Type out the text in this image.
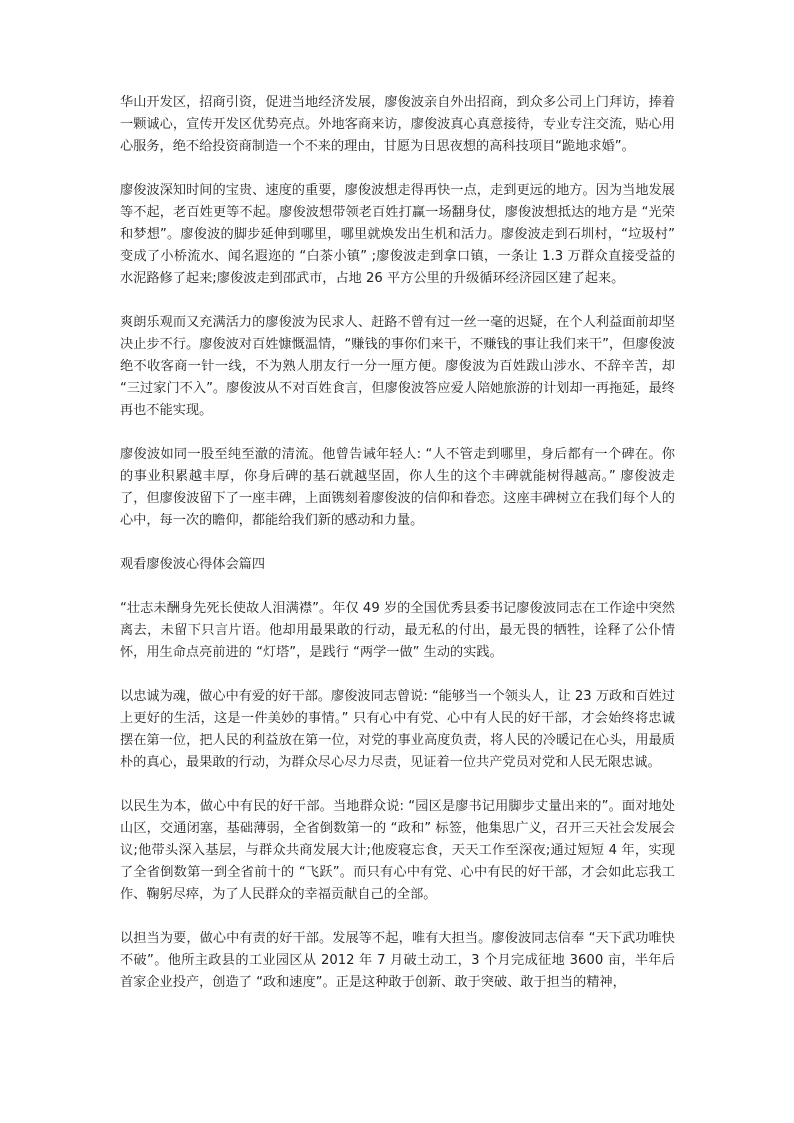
华山开发区，招商引资，促进当地经济发展，廖俊波亲自外出招商，到众多公司上门拜访，捧着一颗诚心，宣传开发区优势亮点。外地客商来访，廖俊波真心真意接待，专业专注交流，贴心用心服务，绝不给投资商制造一个不来的理由，甘愿为日思夜想的高科技项目“跪地求婚”。

廖俊波深知时间的宝贵、速度的重要，廖俊波想走得再快一点，走到更远的地方。因为当地发展等不起，老百姓更等不起。廖俊波想带领老百姓打赢一场翻身仗，廖俊波想抵达的地方是 “光荣和梦想”。廖俊波的脚步延伸到哪里，哪里就焕发出生机和活力。廖俊波走到石圳村，“垃圾村” 变成了小桥流水、闻名遐迩的 “白茶小镇” ;廖俊波走到拿口镇，一条让 1.3 万群众直接受益的水泥路修了起来;廖俊波走到邵武市，占地 26 平方公里的升级循环经济园区建了起来。

爽朗乐观而又充满活力的廖俊波为民求人、赶路不曾有过一丝一毫的迟疑，在个人利益面前却坚决止步不行。廖俊波对百姓慷慨温情，“赚钱的事你们来干，不赚钱的事让我们来干”，但廖俊波绝不收客商一针一线，不为熟人朋友行一分一厘方便。廖俊波为百姓跋山涉水、不辞辛苦，却 “三过家门不入”。廖俊波从不对百姓食言，但廖俊波答应爱人陪她旅游的计划却一再拖延，最终再也不能实现。

廖俊波如同一股至纯至澈的清流。他曾告诫年轻人: “人不管走到哪里，身后都有一个碑在。你的事业积累越丰厚，你身后碑的基石就越坚固，你人生的这个丰碑就能树得越高。” 廖俊波走了，但廖俊波留下了一座丰碑，上面镌刻着廖俊波的信仰和眷恋。这座丰碑树立在我们每个人的心中，每一次的瞻仰，都能给我们新的感动和力量。

观看廖俊波心得体会篇四

“壮志未酬身先死长使故人泪满襟”。年仅 49 岁的全国优秀县委书记廖俊波同志在工作途中突然离去，未留下只言片语。他却用最果敢的行动，最无私的付出，最无畏的牺牲，诠释了公仆情怀，用生命点亮前进的 “灯塔”，是践行 “两学一做” 生动的实践。

以忠诚为魂，做心中有爱的好干部。廖俊波同志曾说: “能够当一个领头人，让 23 万政和百姓过上更好的生活，这是一件美妙的事情。” 只有心中有党、心中有人民的好干部，才会始终将忠诚摆在第一位，把人民的利益放在第一位，对党的事业高度负责，将人民的冷暖记在心头，用最质朴的真心，最果敢的行动，为群众尽心尽力尽责，见证着一位共产党员对党和人民无限忠诚。

以民生为本，做心中有民的好干部。当地群众说: “园区是廖书记用脚步丈量出来的”。面对地处山区，交通闭塞，基础薄弱，全省倒数第一的 “政和” 标签，他集思广义，召开三天社会发展会议;他带头深入基层，与群众共商发展大计;他废寝忘食，天天工作至深夜;通过短短 4 年，实现了全省倒数第一到全省前十的 “飞跃”。而只有心中有党、心中有民的好干部，才会如此忘我工作、鞠躬尽瘁，为了人民群众的幸福贡献自己的全部。

以担当为要，做心中有责的好干部。发展等不起，唯有大担当。廖俊波同志信奉 “天下武功唯快不破”。他所主政县的工业园区从 2012 年 7 月破土动工，3 个月完成征地 3600 亩，半年后首家企业投产，创造了 “政和速度”。正是这种敢于创新、敢于突破、敢于担当的精神，
